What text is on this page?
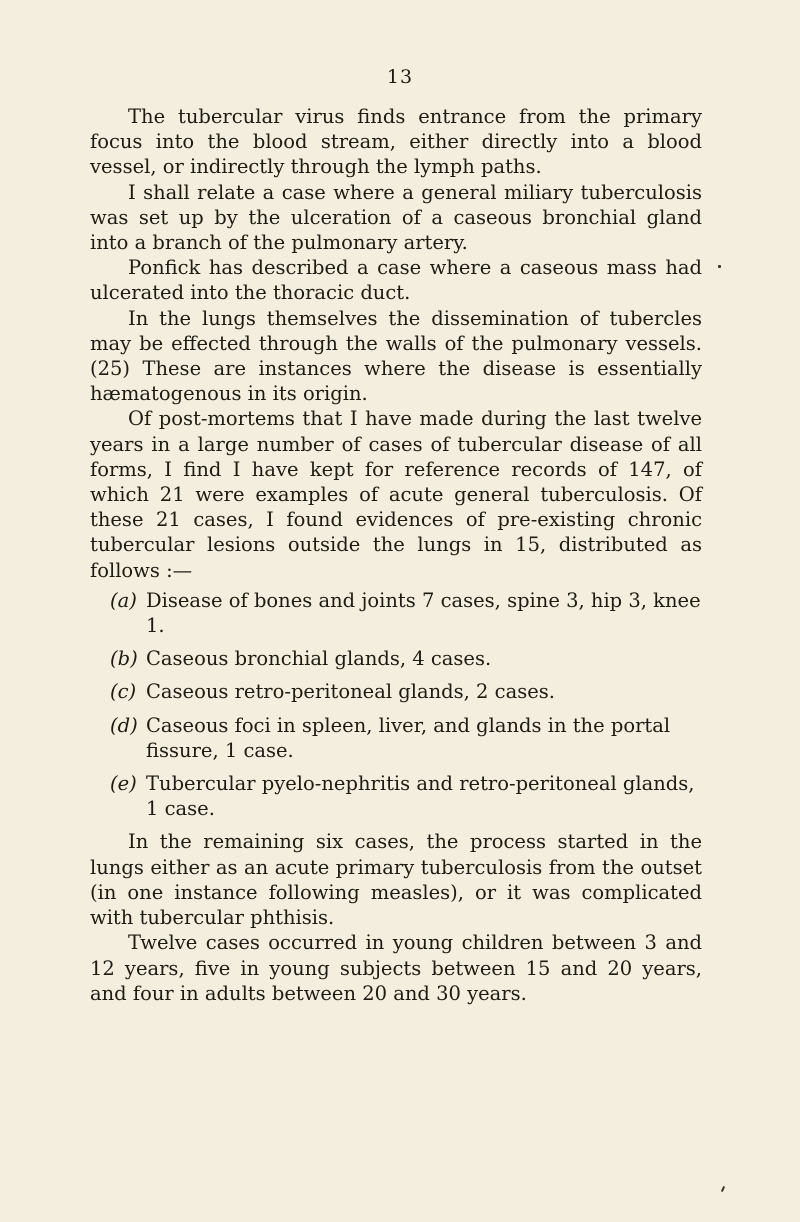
13

The tubercular virus finds entrance from the primary focus into the blood stream, either directly into a blood vessel, or indirectly through the lymph paths.

I shall relate a case where a general miliary tuberculosis was set up by the ulceration of a caseous bronchial gland into a branch of the pulmonary artery.

Ponfick has described a case where a caseous mass had ulcerated into the thoracic duct.

In the lungs themselves the dissemination of tubercles may be effected through the walls of the pulmonary vessels. (25) These are instances where the disease is essentially hæmatogenous in its origin.

Of post-mortems that I have made during the last twelve years in a large number of cases of tubercular disease of all forms, I find I have kept for reference records of 147, of which 21 were examples of acute general tuberculosis. Of these 21 cases, I found evidences of pre-existing chronic tubercular lesions outside the lungs in 15, distributed as follows :—

(a) Disease of bones and joints 7 cases, spine 3, hip 3, knee 1.
(b) Caseous bronchial glands, 4 cases.
(c) Caseous retro-peritoneal glands, 2 cases.
(d) Caseous foci in spleen, liver, and glands in the portal fissure, 1 case.
(e) Tubercular pyelo-nephritis and retro-peritoneal glands, 1 case.

In the remaining six cases, the process started in the lungs either as an acute primary tuberculosis from the outset (in one instance following measles), or it was complicated with tubercular phthisis.

Twelve cases occurred in young children between 3 and 12 years, five in young subjects between 15 and 20 years, and four in adults between 20 and 30 years.
